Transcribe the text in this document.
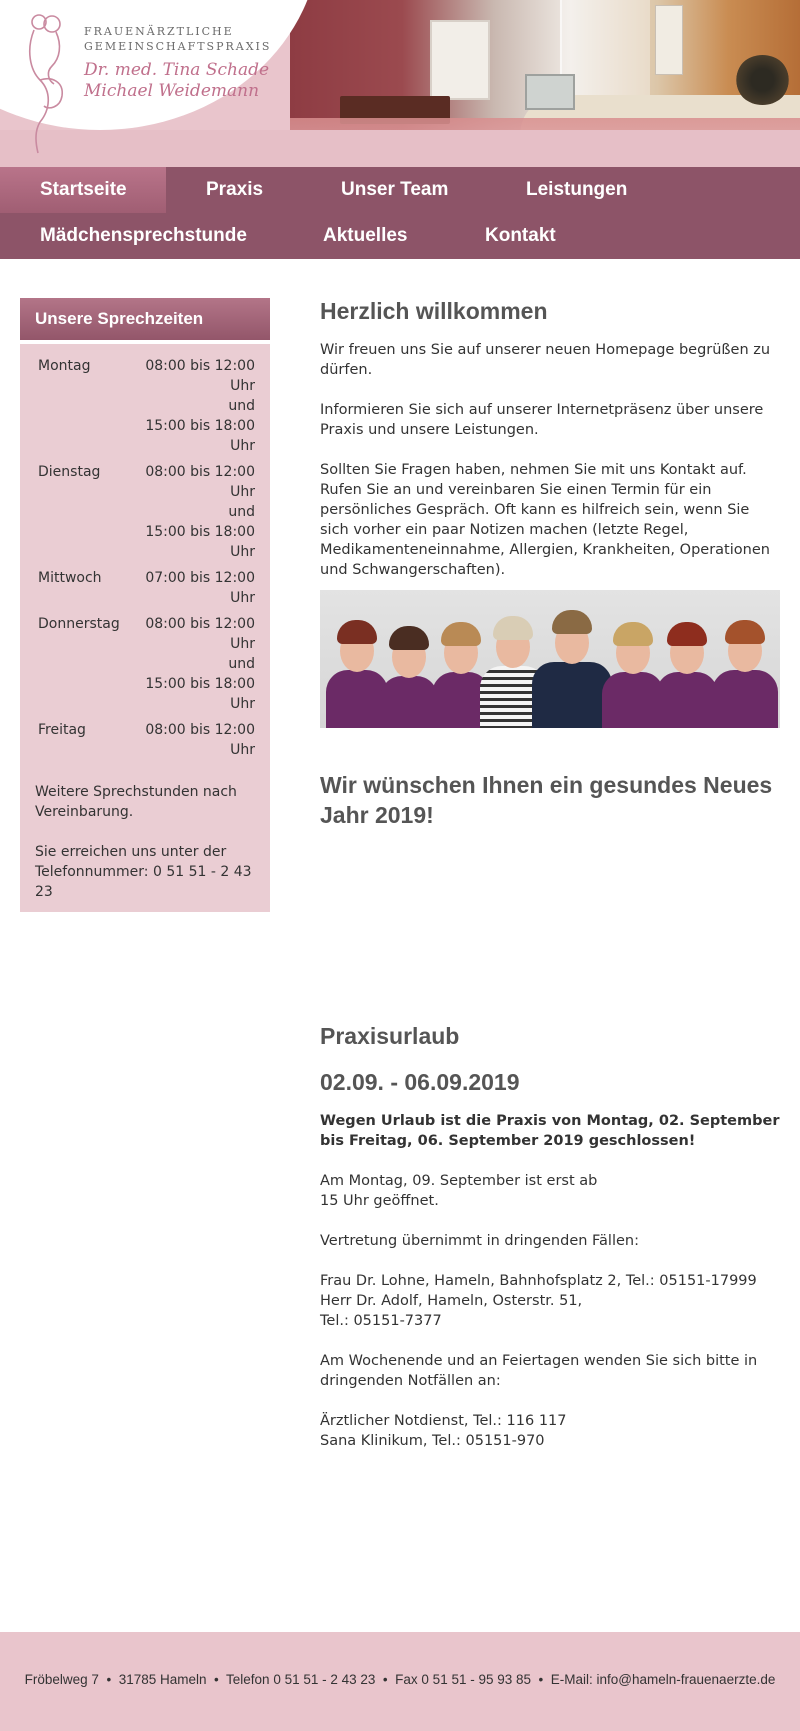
FRAUENÄRZTLICHE
GEMEINSCHAFTSPRAXIS
Dr. med. Tina Schade
Michael Weidemann
Startseite	Praxis	Unser Team	Leistungen
Mädchensprechstunde	Aktuelles	Kontakt
Unsere Sprechzeiten
Montag	08:00 bis 12:00 Uhr
und
15:00 bis 18:00 Uhr
Dienstag	08:00 bis 12:00 Uhr
und
15:00 bis 18:00 Uhr
Mittwoch	07:00 bis 12:00 Uhr
Donnerstag	08:00 bis 12:00 Uhr
und
15:00 bis 18:00 Uhr
Freitag	08:00 bis 12:00 Uhr

Weitere Sprechstunden nach Vereinbarung.

Sie erreichen uns unter der Telefonnummer: 0 51 51 - 2 43 23

Herzlich willkommen

Wir freuen uns Sie auf unserer neuen Homepage begrüßen zu dürfen.

Informieren Sie sich auf unserer Internetpräsenz über unsere Praxis und unsere Leistungen.

Sollten Sie Fragen haben, nehmen Sie mit uns Kontakt auf. Rufen Sie an und vereinbaren Sie einen Termin für ein persönliches Gespräch. Oft kann es hilfreich sein, wenn Sie sich vorher ein paar Notizen machen (letzte Regel, Medikamenteneinnahme, Allergien, Krankheiten, Operationen und Schwangerschaften).

Wir wünschen Ihnen ein gesundes Neues Jahr 2019!
Praxisurlaub
02.09. - 06.09.2019

Wegen Urlaub ist die Praxis von Montag, 02. September bis Freitag, 06. September 2019 geschlossen!

Am Montag, 09. September ist erst ab

15 Uhr geöffnet.

Vertretung übernimmt in dringenden Fällen:

Frau Dr. Lohne, Hameln, Bahnhofsplatz 2, Tel.: 05151-17999

Herr Dr. Adolf, Hameln, Osterstr. 51,

Tel.: 05151-7377

Am Wochenende und an Feiertagen wenden Sie sich bitte in dringenden Notfällen an:

Ärztlicher Notdienst, Tel.: 116 117

Sana Klinikum, Tel.: 05151-970

Fröbelweg 7 • 31785 Hameln • Telefon 0 51 51 - 2 43 23 • Fax 0 51 51 - 95 93 85 • E-Mail: info@hameln-frauenaerzte.de
